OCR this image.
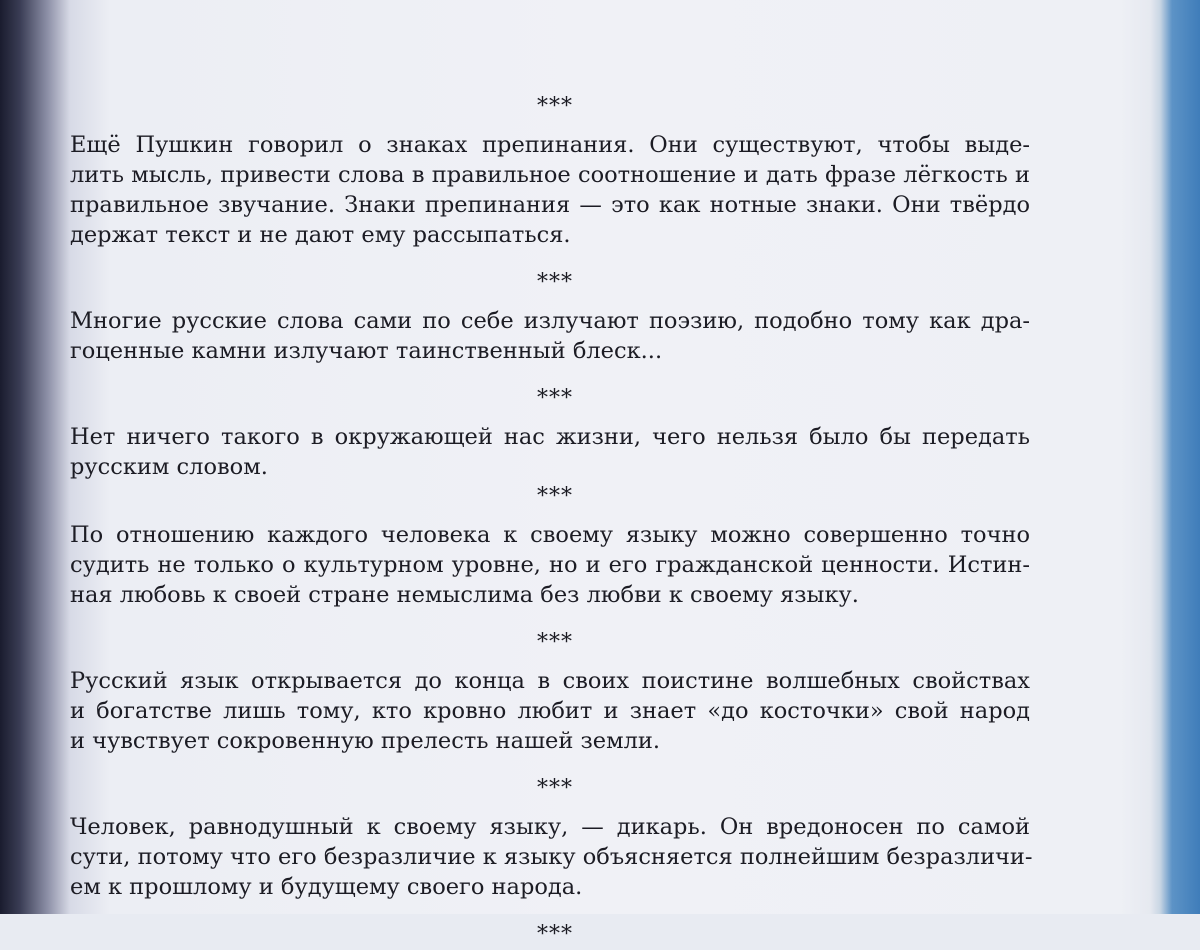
***

Ещё Пушкин говорил о знаках препинания. Они существуют, чтобы выде-
лить мысль, привести слова в правильное соотношение и дать фразе лёгкость и
правильное звучание. Знаки препинания — это как нотные знаки. Они твёрдо
держат текст и не дают ему рассыпаться.

***

Многие русские слова сами по себе излучают поэзию, подобно тому как дра-
гоценные камни излучают таинственный блеск...

***

Нет ничего такого в окружающей нас жизни, чего нельзя было бы передать
русским словом.

***

По отношению каждого человека к своему языку можно совершенно точно
судить не только о культурном уровне, но и его гражданской ценности. Истин-
ная любовь к своей стране немыслима без любви к своему языку.

***

Русский язык открывается до конца в своих поистине волшебных свойствах
и богатстве лишь тому, кто кровно любит и знает «до косточки» свой народ
и чувствует сокровенную прелесть нашей земли.

***

Человек, равнодушный к своему языку, — дикарь. Он вредоносен по самой
сути, потому что его безразличие к языку объясняется полнейшим безразличи-
ем к прошлому и будущему своего народа.

***
